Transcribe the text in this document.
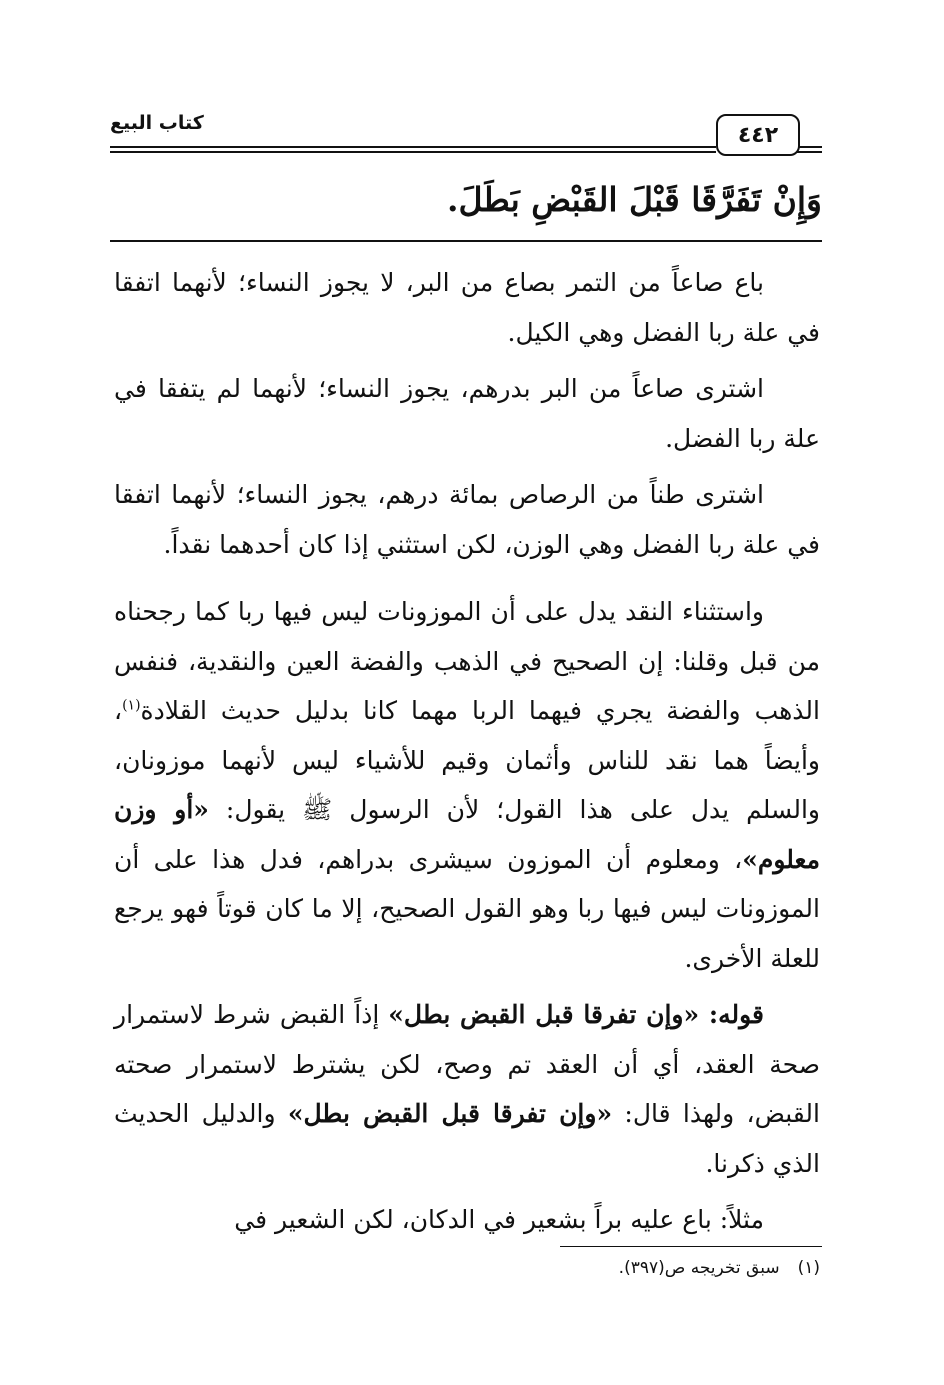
٤٤٢
كتاب البيع
وَإِنْ تَفَرَّقَا قَبْلَ القَبْضِ بَطَلَ.

باع صاعاً من التمر بصاع من البر، لا يجوز النساء؛ لأنهما اتفقا في علة ربا الفضل وهي الكيل.

اشترى صاعاً من البر بدرهم، يجوز النساء؛ لأنهما لم يتفقا في علة ربا الفضل.

اشترى طناً من الرصاص بمائة درهم، يجوز النساء؛ لأنهما اتفقا في علة ربا الفضل وهي الوزن، لكن استثني إذا كان أحدهما نقداً.

واستثناء النقد يدل على أن الموزونات ليس فيها ربا كما رجحناه من قبل وقلنا: إن الصحيح في الذهب والفضة العين والنقدية، فنفس الذهب والفضة يجري فيهما الربا مهما كانا بدليل حديث القلادة$^{(١)}$، وأيضاً هما نقد للناس وأثمان وقيم للأشياء ليس لأنهما موزونان، والسلم يدل على هذا القول؛ لأن الرسول ﷺ يقول: «أو وزن معلوم»، ومعلوم أن الموزون سيشرى بدراهم، فدل هذا على أن الموزونات ليس فيها ربا وهو القول الصحيح، إلا ما كان قوتاً فهو يرجع للعلة الأخرى.

قوله: «وإن تفرقا قبل القبض بطل» إذاً القبض شرط لاستمرار صحة العقد، أي أن العقد تم وصح، لكن يشترط لاستمرار صحته القبض، ولهذا قال: «وإن تفرقا قبل القبض بطل» والدليل الحديث الذي ذكرنا.

مثلاً: باع عليه براً بشعير في الدكان، لكن الشعير في

(١)سبق تخريجه ص(٣٩٧).
